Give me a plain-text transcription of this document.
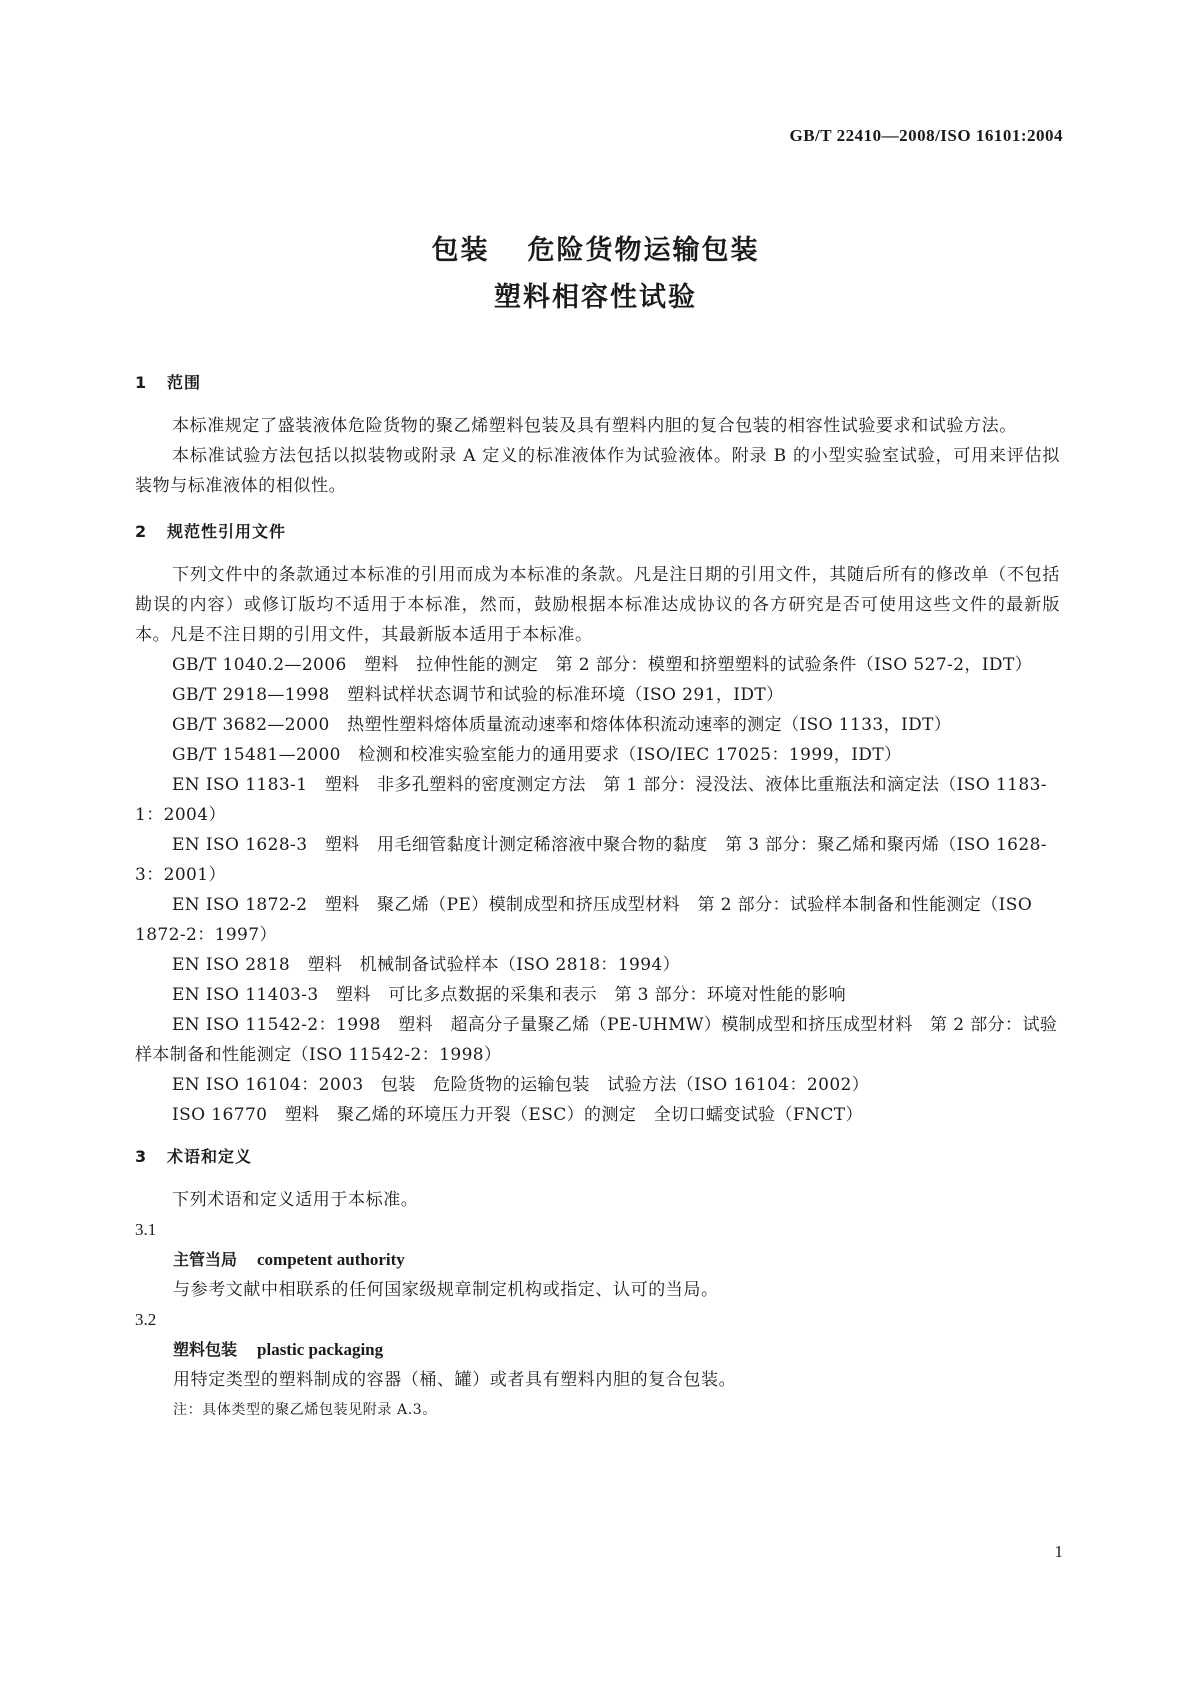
GB/T 22410—2008/ISO 16101:2004
包装 危险货物运输包装
塑料相容性试验
1 范围

本标准规定了盛装液体危险货物的聚乙烯塑料包装及具有塑料内胆的复合包装的相容性试验要求和试验方法。

本标准试验方法包括以拟装物或附录 A 定义的标准液体作为试验液体。附录 B 的小型实验室试验，可用来评估拟装物与标准液体的相似性。

2 规范性引用文件

下列文件中的条款通过本标准的引用而成为本标准的条款。凡是注日期的引用文件，其随后所有的修改单（不包括勘误的内容）或修订版均不适用于本标准，然而，鼓励根据本标准达成协议的各方研究是否可使用这些文件的最新版本。凡是不注日期的引用文件，其最新版本适用于本标准。

GB/T 1040.2—2006　塑料　拉伸性能的测定　第 2 部分：模塑和挤塑塑料的试验条件（ISO 527-2，IDT）

GB/T 2918—1998　塑料试样状态调节和试验的标准环境（ISO 291，IDT）

GB/T 3682—2000　热塑性塑料熔体质量流动速率和熔体体积流动速率的测定（ISO 1133，IDT）

GB/T 15481—2000　检测和校准实验室能力的通用要求（ISO/IEC 17025：1999，IDT）

EN ISO 1183-1　塑料　非多孔塑料的密度测定方法　第 1 部分：浸没法、液体比重瓶法和滴定法（ISO 1183-1：2004）

EN ISO 1628-3　塑料　用毛细管黏度计测定稀溶液中聚合物的黏度　第 3 部分：聚乙烯和聚丙烯（ISO 1628-3：2001）

EN ISO 1872-2　塑料　聚乙烯（PE）模制成型和挤压成型材料　第 2 部分：试验样本制备和性能测定（ISO 1872-2：1997）

EN ISO 2818　塑料　机械制备试验样本（ISO 2818：1994）

EN ISO 11403-3　塑料　可比多点数据的采集和表示　第 3 部分：环境对性能的影响

EN ISO 11542-2：1998　塑料　超高分子量聚乙烯（PE-UHMW）模制成型和挤压成型材料　第 2 部分：试验样本制备和性能测定（ISO 11542-2：1998）

EN ISO 16104：2003　包装　危险货物的运输包装　试验方法（ISO 16104：2002）

ISO 16770　塑料　聚乙烯的环境压力开裂（ESC）的测定　全切口蠕变试验（FNCT）

3 术语和定义

下列术语和定义适用于本标准。

3.1

主管当局 competent authority

与参考文献中相联系的任何国家级规章制定机构或指定、认可的当局。

3.2

塑料包装 plastic packaging

用特定类型的塑料制成的容器（桶、罐）或者具有塑料内胆的复合包装。

注：具体类型的聚乙烯包装见附录 A.3。

1
